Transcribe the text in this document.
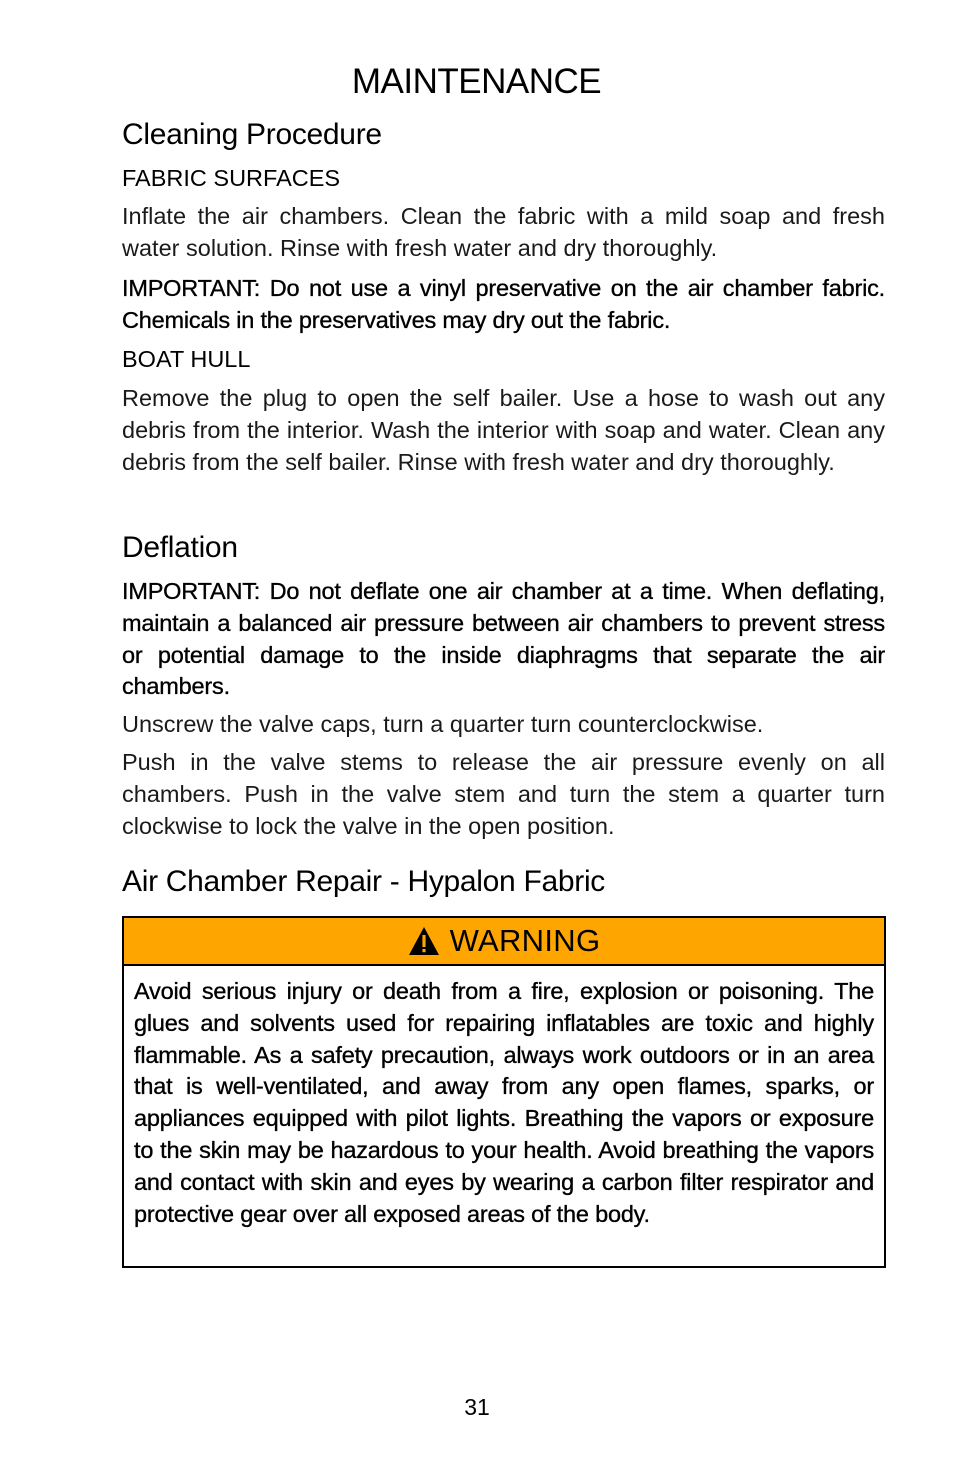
MAINTENANCE
Cleaning Procedure
FABRIC SURFACES

Inflate the air chambers. Clean the fabric with a mild soap and fresh water solution. Rinse with fresh water and dry thoroughly.

IMPORTANT: Do not use a vinyl preservative on the air chamber fabric. Chemicals in the preservatives may dry out the fabric.

BOAT HULL

Remove the plug to open the self bailer. Use a hose to wash out any debris from the interior. Wash the interior with soap and water. Clean any debris from the self bailer. Rinse with fresh water and dry thoroughly.

Deflation

IMPORTANT: Do not deflate one air chamber at a time. When deflating, maintain a balanced air pressure between air chambers to prevent stress or potential damage to the inside diaphragms that separate the air chambers.

Unscrew the valve caps, turn a quarter turn counterclockwise.

Push in the valve stems to release the air pressure evenly on all chambers. Push in the valve stem and turn the stem a quarter turn clockwise to lock the valve in the open position.

Air Chamber Repair - Hypalon Fabric
WARNING
Avoid serious injury or death from a fire, explosion or poisoning. The glues and solvents used for repairing inflatables are toxic and highly flammable. As a safety precaution, always work outdoors or in an area that is well-ventilated, and away from any open flames, sparks, or appliances equipped with pilot lights. Breathing the vapors or exposure to the skin may be hazardous to your health. Avoid breathing the vapors and contact with skin and eyes by wearing a carbon filter respirator and protective gear over all exposed areas of the body.
31
